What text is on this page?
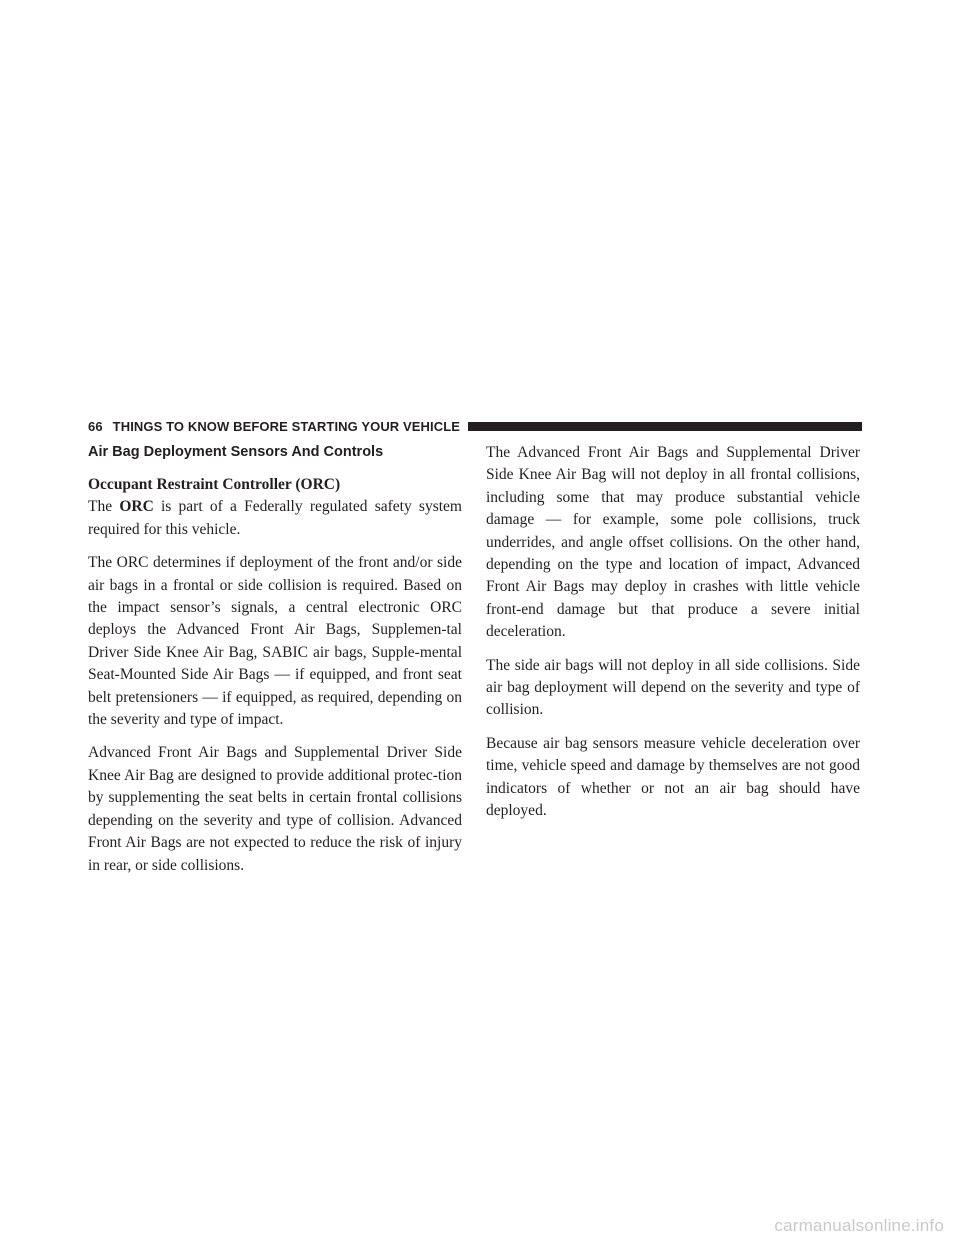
66 THINGS TO KNOW BEFORE STARTING YOUR VEHICLE
Air Bag Deployment Sensors And Controls
Occupant Restraint Controller (ORC)

The ORC is part of a Federally regulated safety system required for this vehicle.

The ORC determines if deployment of the front and/or side air bags in a frontal or side collision is required. Based on the impact sensor’s signals, a central electronic ORC deploys the Advanced Front Air Bags, Supplemen-tal Driver Side Knee Air Bag, SABIC air bags, Supple-mental Seat-Mounted Side Air Bags — if equipped, and front seat belt pretensioners — if equipped, as required, depending on the severity and type of impact.

Advanced Front Air Bags and Supplemental Driver Side Knee Air Bag are designed to provide additional protec-tion by supplementing the seat belts in certain frontal collisions depending on the severity and type of collision. Advanced Front Air Bags are not expected to reduce the risk of injury in rear, or side collisions.

The Advanced Front Air Bags and Supplemental Driver Side Knee Air Bag will not deploy in all frontal collisions, including some that may produce substantial vehicle damage — for example, some pole collisions, truck underrides, and angle offset collisions. On the other hand, depending on the type and location of impact, Advanced Front Air Bags may deploy in crashes with little vehicle front-end damage but that produce a severe initial deceleration.

The side air bags will not deploy in all side collisions. Side air bag deployment will depend on the severity and type of collision.

Because air bag sensors measure vehicle deceleration over time, vehicle speed and damage by themselves are not good indicators of whether or not an air bag should have deployed.

carmanualsonline.info
